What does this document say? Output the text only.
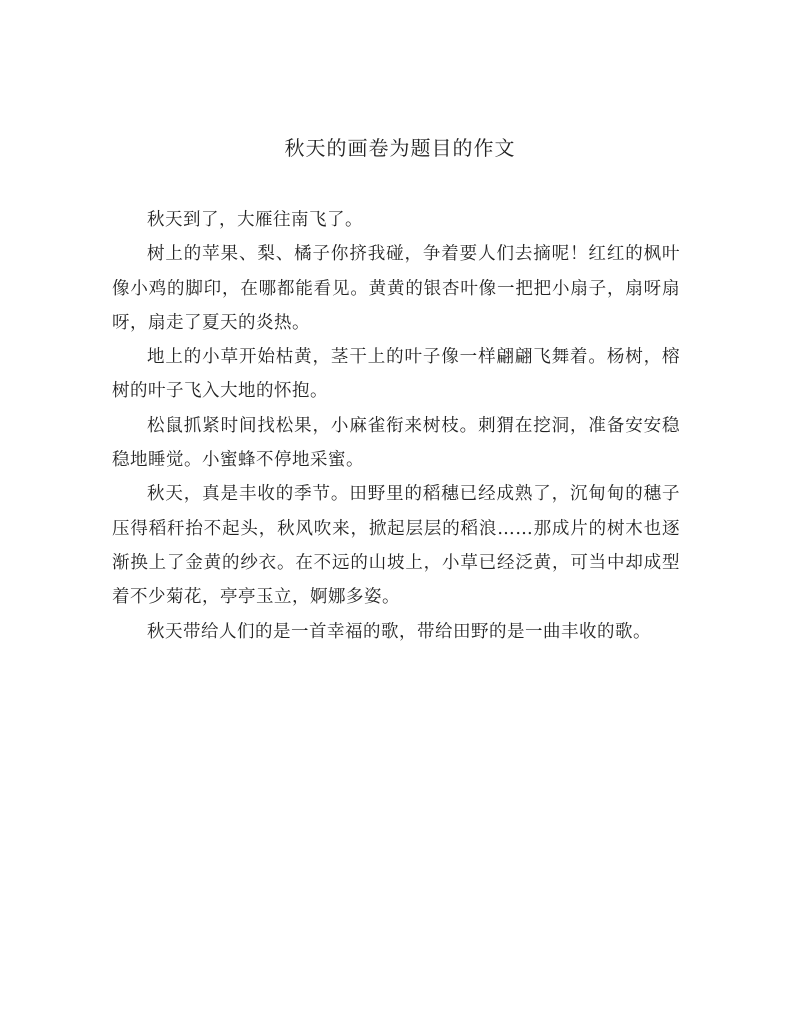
秋天的画卷为题目的作文

秋天到了，大雁往南飞了。

树上的苹果、梨、橘子你挤我碰，争着要人们去摘呢！红红的枫叶像小鸡的脚印，在哪都能看见。黄黄的银杏叶像一把把小扇子，扇呀扇呀，扇走了夏天的炎热。

地上的小草开始枯黄，茎干上的叶子像一样翩翩飞舞着。杨树，榕树的叶子飞入大地的怀抱。

松鼠抓紧时间找松果，小麻雀衔来树枝。刺猬在挖洞，准备安安稳稳地睡觉。小蜜蜂不停地采蜜。

秋天，真是丰收的季节。田野里的稻穗已经成熟了，沉甸甸的穗子压得稻秆抬不起头，秋风吹来，掀起层层的稻浪……那成片的树木也逐渐换上了金黄的纱衣。在不远的山坡上，小草已经泛黄，可当中却成型着不少菊花，亭亭玉立，婀娜多姿。

秋天带给人们的是一首幸福的歌，带给田野的是一曲丰收的歌。
